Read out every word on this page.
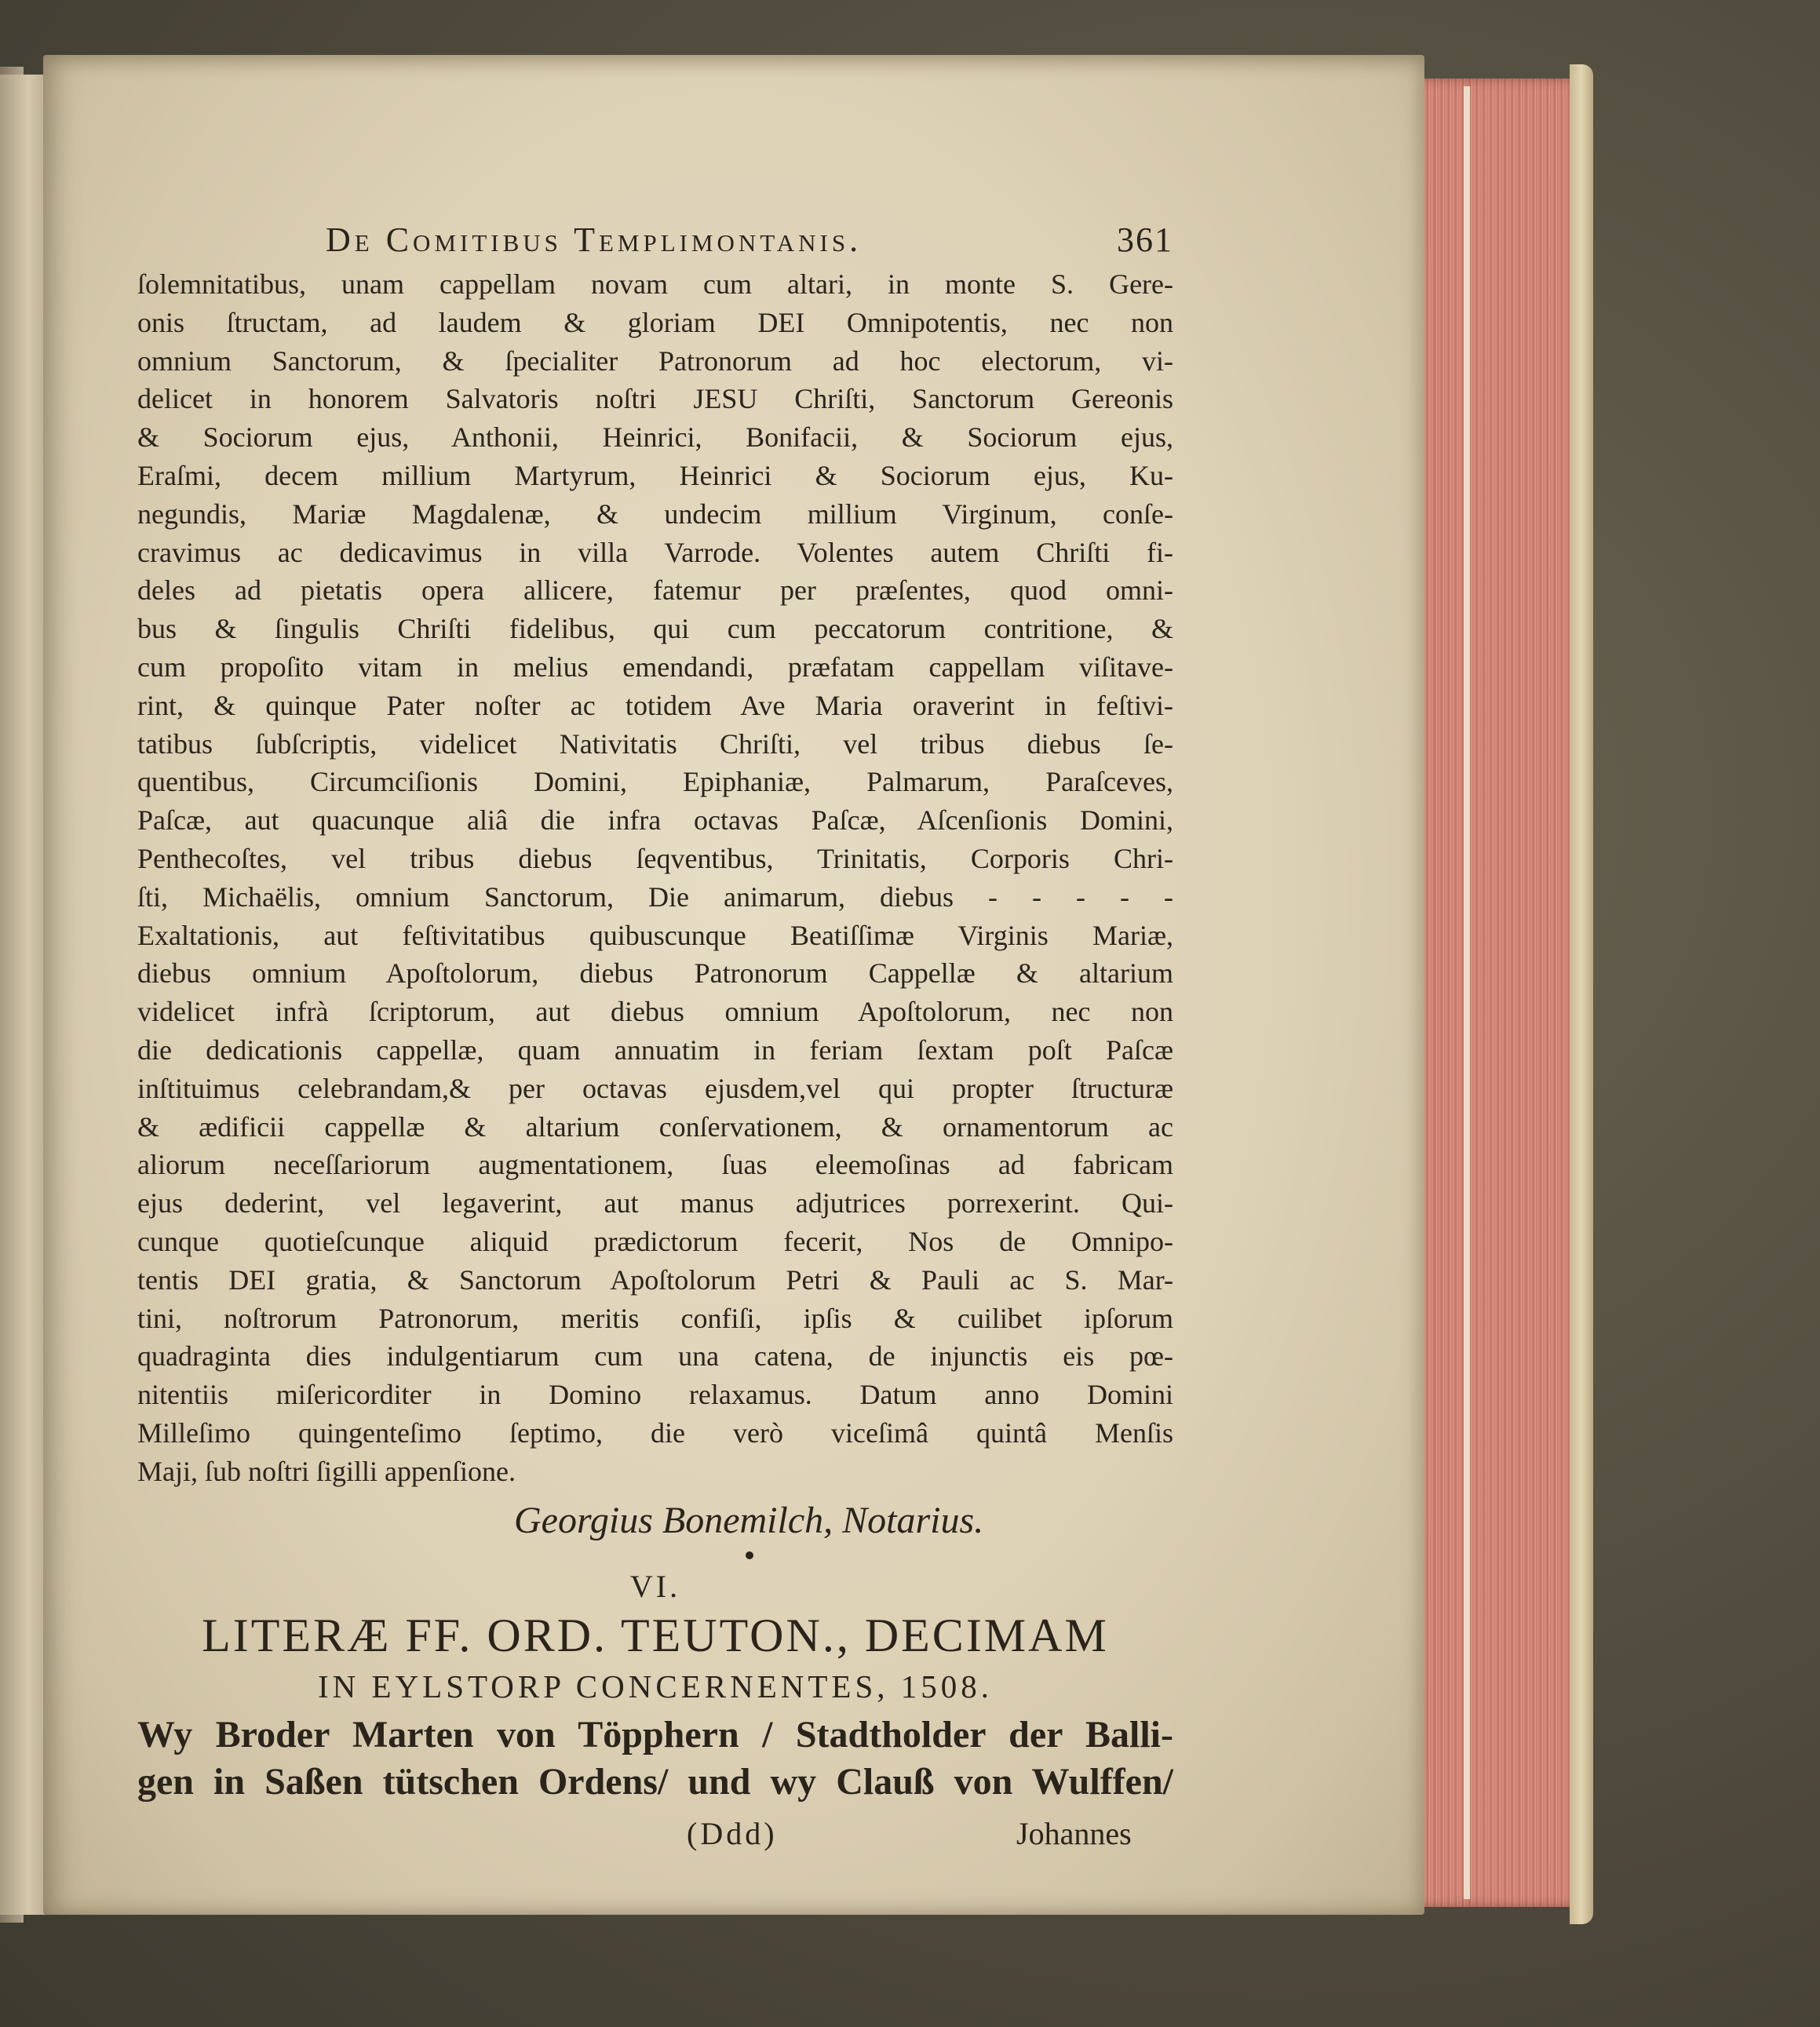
De Comitibus Templimontanis.	361
ſolemnitatibus, unam cappellam novam cum altari, in monte S. Gere-
onis ſtructam, ad laudem & gloriam DEI Omnipotentis, nec non
omnium Sanctorum, & ſpecialiter Patronorum ad hoc electorum, vi-
delicet in honorem Salvatoris noſtri JESU Chriſti, Sanctorum Gereonis
& Sociorum ejus, Anthonii, Heinrici, Bonifacii, & Sociorum ejus,
Eraſmi, decem millium Martyrum, Heinrici & Sociorum ejus, Ku-
negundis, Mariæ Magdalenæ, & undecim millium Virginum, conſe-
cravimus ac dedicavimus in villa Varrode. Volentes autem Chriſti fi-
deles ad pietatis opera allicere, fatemur per præſentes, quod omni-
bus & ſingulis Chriſti fidelibus, qui cum peccatorum contritione, &
cum propoſito vitam in melius emendandi, præfatam cappellam viſitave-
rint, & quinque Pater noſter ac totidem Ave Maria oraverint in feſtivi-
tatibus ſubſcriptis, videlicet Nativitatis Chriſti, vel tribus diebus ſe-
quentibus, Circumciſionis Domini, Epiphaniæ, Palmarum, Paraſceves,
Paſcæ, aut quacunque aliâ die infra octavas Paſcæ, Aſcenſionis Domini,
Penthecoſtes, vel tribus diebus ſeqventibus, Trinitatis, Corporis Chri-
ſti, Michaëlis, omnium Sanctorum, Die animarum, diebus - - - - -
Exaltationis, aut feſtivitatibus quibuscunque Beatiſſimæ Virginis Mariæ,
diebus omnium Apoſtolorum, diebus Patronorum Cappellæ & altarium
videlicet infrà ſcriptorum, aut diebus omnium Apoſtolorum, nec non
die dedicationis cappellæ, quam annuatim in feriam ſextam poſt Paſcæ
inſtituimus celebrandam,& per octavas ejusdem,vel qui propter ſtructuræ
& ædificii cappellæ & altarium conſervationem, & ornamentorum ac
aliorum neceſſariorum augmentationem, ſuas eleemoſinas ad fabricam
ejus dederint, vel legaverint, aut manus adjutrices porrexerint. Qui-
cunque quotieſcunque aliquid prædictorum fecerit, Nos de Omnipo-
tentis DEI gratia, & Sanctorum Apoſtolorum Petri & Pauli ac S. Mar-
tini, noſtrorum Patronorum, meritis confiſi, ipſis & cuilibet ipſorum
quadraginta dies indulgentiarum cum una catena, de injunctis eis pœ-
nitentiis miſericorditer in Domino relaxamus. Datum anno Domini
Milleſimo quingenteſimo ſeptimo, die verò viceſimâ quintâ Menſis
Maji, ſub noſtri ſigilli appenſione.
Georgius Bonemilch, Notarius.
VI.
LITERÆ FF. ORD. TEUTON., DECIMAM
IN EYLSTORP CONCERNENTES, 1508.
Wy Broder Marten von Töpphern / Stadtholder der Balli-
gen in Saßen tütschen Ordens/ und wy Clauß von Wulffen/
(Ddd)	Johannes
